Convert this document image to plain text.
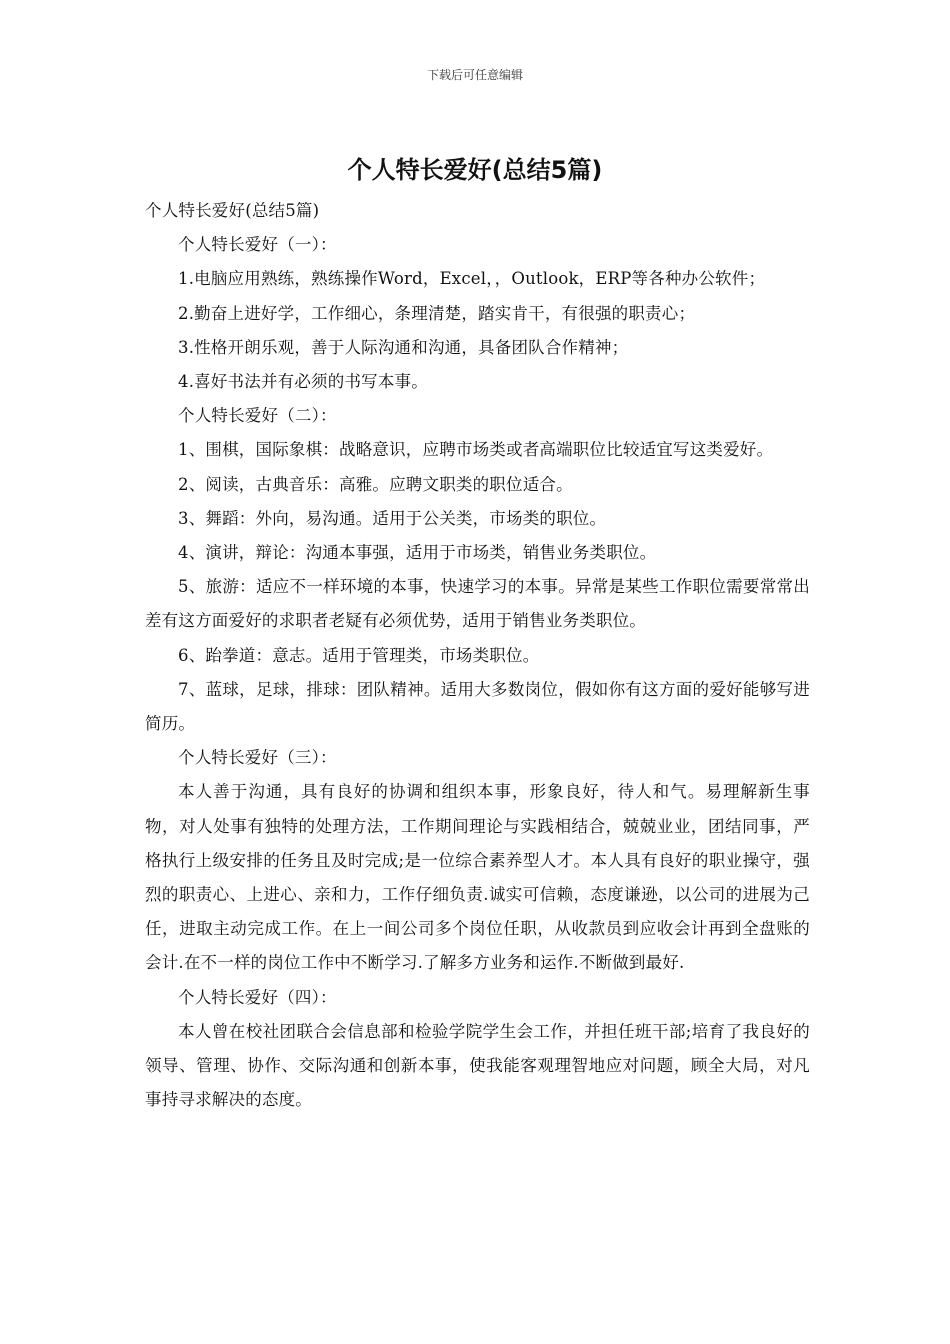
下载后可任意编辑
个人特长爱好(总结5篇)

个人特长爱好(总结5篇)

个人特长爱好（一）：

1.电脑应用熟练，熟练操作Word，Excel，，Outlook，ERP等各种办公软件；

2.勤奋上进好学，工作细心，条理清楚，踏实肯干，有很强的职责心；

3.性格开朗乐观，善于人际沟通和沟通，具备团队合作精神；

4.喜好书法并有必须的书写本事。

个人特长爱好（二）：

1、围棋，国际象棋：战略意识，应聘市场类或者高端职位比较适宜写这类爱好。

2、阅读，古典音乐：高雅。应聘文职类的职位适合。

3、舞蹈：外向，易沟通。适用于公关类，市场类的职位。

4、演讲，辩论：沟通本事强，适用于市场类，销售业务类职位。

5、旅游：适应不一样环境的本事，快速学习的本事。异常是某些工作职位需要常常出差有这方面爱好的求职者老疑有必须优势，适用于销售业务类职位。

6、跆拳道：意志。适用于管理类，市场类职位。

7、蓝球，足球，排球：团队精神。适用大多数岗位，假如你有这方面的爱好能够写进简历。

个人特长爱好（三）：

本人善于沟通，具有良好的协调和组织本事，形象良好，待人和气。易理解新生事物，对人处事有独特的处理方法，工作期间理论与实践相结合，兢兢业业，团结同事，严格执行上级安排的任务且及时完成;是一位综合素养型人才。本人具有良好的职业操守，强烈的职责心、上进心、亲和力，工作仔细负责.诚实可信赖，态度谦逊，以公司的进展为己任，进取主动完成工作。在上一间公司多个岗位任职，从收款员到应收会计再到全盘账的会计.在不一样的岗位工作中不断学习.了解多方业务和运作.不断做到最好.

个人特长爱好（四）：

本人曾在校社团联合会信息部和检验学院学生会工作，并担任班干部;培育了我良好的领导、管理、协作、交际沟通和创新本事，使我能客观理智地应对问题，顾全大局，对凡事持寻求解决的态度。
